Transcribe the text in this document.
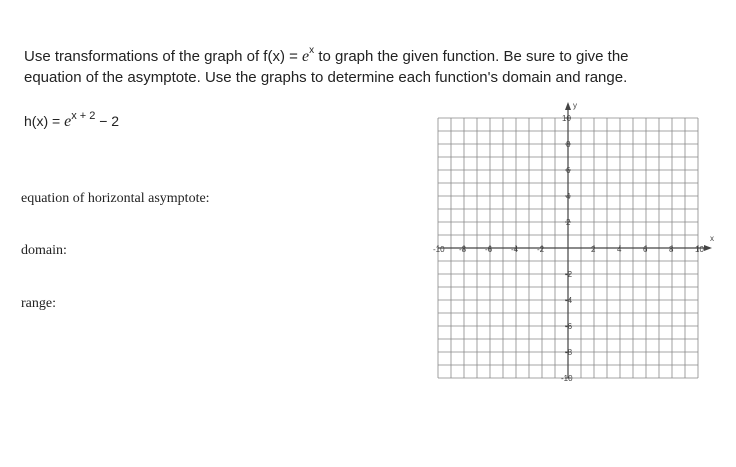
Use transformations of the graph of $f(x) = e^x$ to graph the given function. Be sure to give the
equation of the asymptote. Use the graphs to determine each function's domain and range.
$h(x) = e^{x + 2} - 2$
equation of horizontal asymptote:
domain:
range:
x
y
-10 -8 -6 -4 -2	2	4	6	8	10
10
8
6
4
2
-2
-4
-6
-8
-10
